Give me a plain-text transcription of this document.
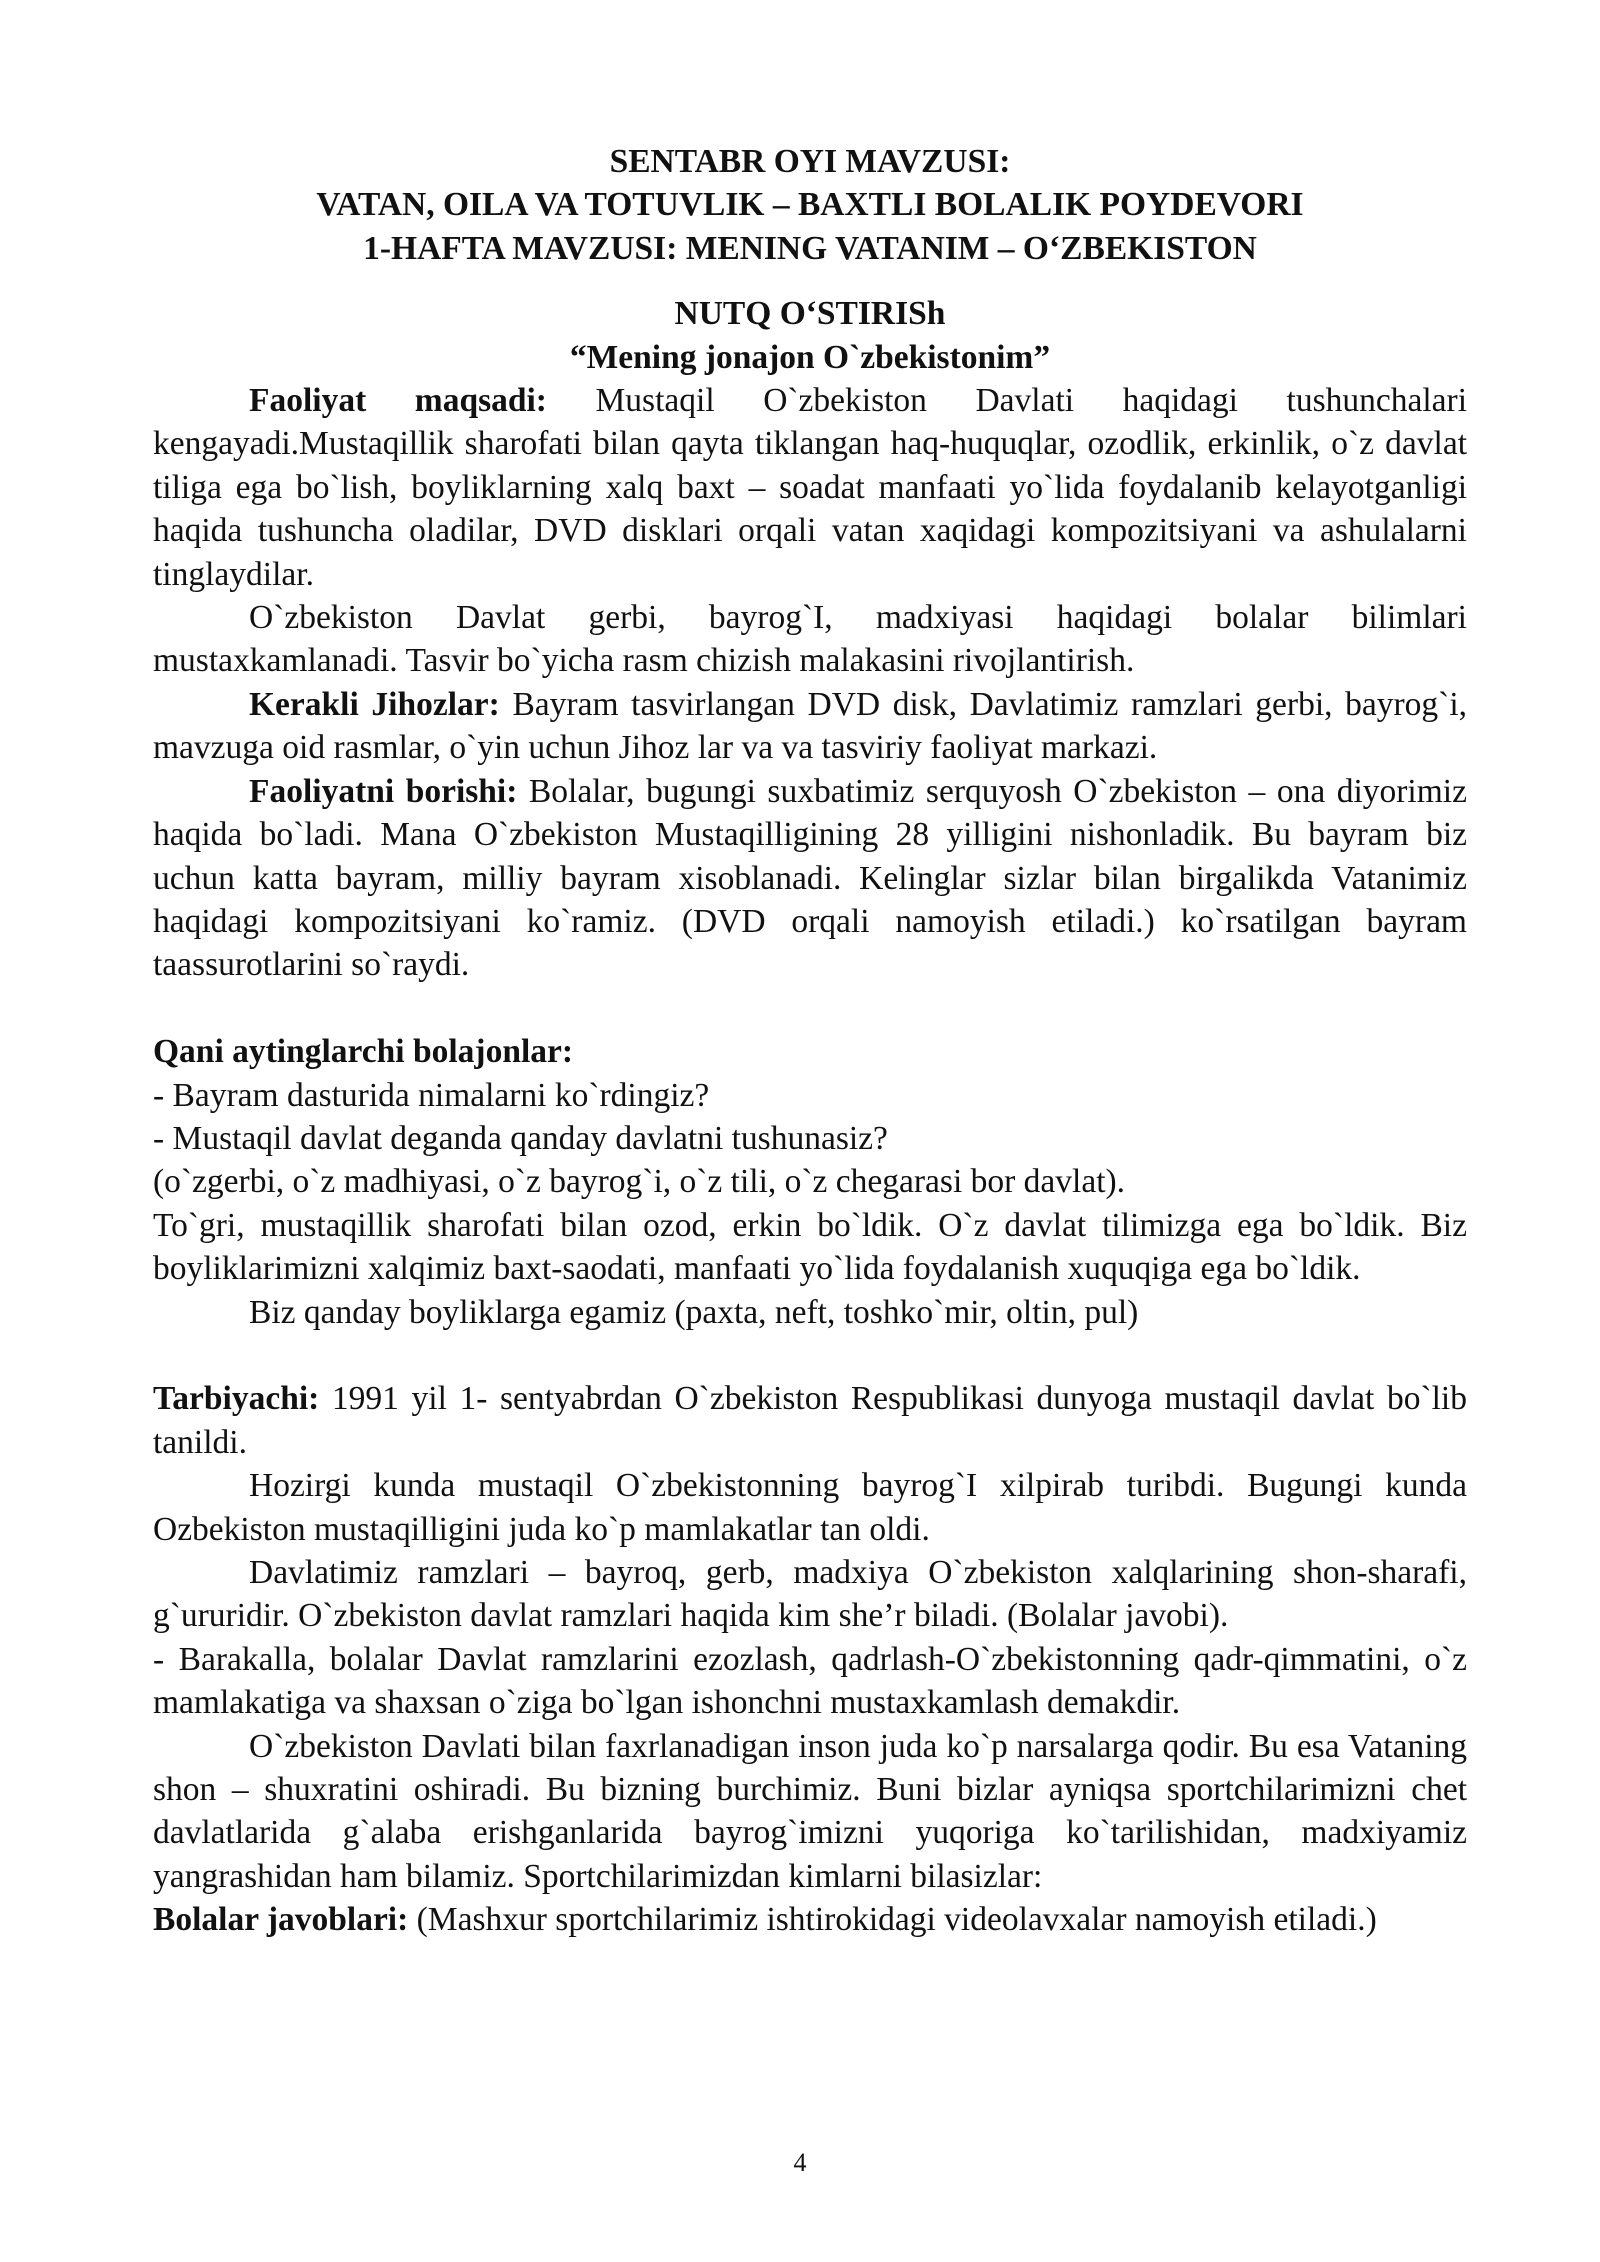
SENTABR OYI MAVZUSI:
VATAN, OILA VA TOTUVLIK – BAXTLI BOLALIK POYDEVORI
1-HAFTA MAVZUSI: MENING VATANIM – O‘ZBEKISTON
NUTQ O‘STIRISh
“Mening jonajon O`zbekistonim”

Faoliyat maqsadi: Mustaqil O`zbekiston Davlati haqidagi tushunchalari kengayadi.Mustaqillik sharofati bilan qayta tiklangan haq-huquqlar, ozodlik, erkinlik, o`z davlat tiliga ega bo`lish, boyliklarning xalq baxt – soadat manfaati yo`lida foydalanib kelayotganligi haqida tushuncha oladilar, DVD disklari orqali vatan xaqidagi kompozitsiyani va ashulalarni tinglaydilar.

O`zbekiston Davlat gerbi, bayrog`I, madxiyasi haqidagi bolalar bilimlari mustaxkamlanadi. Tasvir bo`yicha rasm chizish malakasini rivojlantirish.

Kerakli Jihozlar: Bayram tasvirlangan DVD disk, Davlatimiz ramzlari gerbi, bayrog`i, mavzuga oid rasmlar, o`yin uchun Jihoz lar va va tasviriy faoliyat markazi.

Faoliyatni borishi: Bolalar, bugungi suxbatimiz serquyosh O`zbekiston – ona diyorimiz haqida bo`ladi. Mana O`zbekiston Mustaqilligining 28 yilligini nishonladik. Bu bayram biz uchun katta bayram, milliy bayram xisoblanadi. Kelinglar sizlar bilan birgalikda Vatanimiz haqidagi kompozitsiyani ko`ramiz. (DVD orqali namoyish etiladi.) ko`rsatilgan bayram taassurotlarini so`raydi.

Qani aytinglarchi bolajonlar:
- Bayram dasturida nimalarni ko`rdingiz?
- Mustaqil davlat deganda qanday davlatni tushunasiz?
(o`zgerbi, o`z madhiyasi, o`z bayrog`i, o`z tili, o`z chegarasi bor davlat).

To`gri, mustaqillik sharofati bilan ozod, erkin bo`ldik. O`z davlat tilimizga ega bo`ldik. Biz boyliklarimizni xalqimiz baxt-saodati, manfaati yo`lida foydalanish xuquqiga ega bo`ldik.

Biz qanday boyliklarga egamiz (paxta, neft, toshko`mir, oltin, pul)

Tarbiyachi: 1991 yil 1- sentyabrdan O`zbekiston Respublikasi dunyoga mustaqil davlat bo`lib tanildi.

Hozirgi kunda mustaqil O`zbekistonning bayrog`I xilpirab turibdi. Bugungi kunda Ozbekiston mustaqilligini juda ko`p mamlakatlar tan oldi.

Davlatimiz ramzlari – bayroq, gerb, madxiya O`zbekiston xalqlarining shon-sharafi, g`ururidir. O`zbekiston davlat ramzlari haqida kim she’r biladi. (Bolalar javobi).

- Barakalla, bolalar Davlat ramzlarini ezozlash, qadrlash-O`zbekistonning qadr-qimmatini, o`z mamlakatiga va shaxsan o`ziga bo`lgan ishonchni mustaxkamlash demakdir.

O`zbekiston Davlati bilan faxrlanadigan inson juda ko`p narsalarga qodir. Bu esa Vataning shon – shuxratini oshiradi. Bu bizning burchimiz. Buni bizlar ayniqsa sportchilarimizni chet davlatlarida g`alaba erishganlarida bayrog`imizni yuqoriga ko`tarilishidan, madxiyamiz yangrashidan ham bilamiz. Sportchilarimizdan kimlarni bilasizlar:

Bolalar javoblari: (Mashxur sportchilarimiz ishtirokidagi videolavxalar namoyish etiladi.)

4
